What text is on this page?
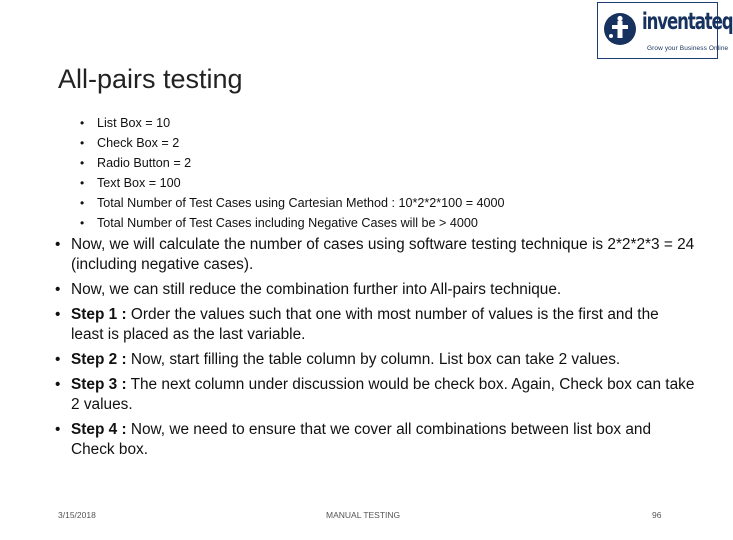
inventateq
Grow your Business Online
All-pairs testing
• List Box = 10
• Check Box = 2
• Radio Button = 2
• Text Box = 100
• Total Number of Test Cases using Cartesian Method : 10*2*2*100 = 4000
• Total Number of Test Cases including Negative Cases will be > 4000
• Now, we will calculate the number of cases using software testing technique is 2*2*2*3 = 24 (including negative cases).
• Now, we can still reduce the combination further into All-pairs technique.
• Step 1 : Order the values such that one with most number of values is the first and the least is placed as the last variable.
• Step 2 : Now, start filling the table column by column. List box can take 2 values.
• Step 3 : The next column under discussion would be check box. Again, Check box can take 2 values.
• Step 4 : Now, we need to ensure that we cover all combinations between list box and Check box.
3/15/2018	MANUAL TESTING	96
